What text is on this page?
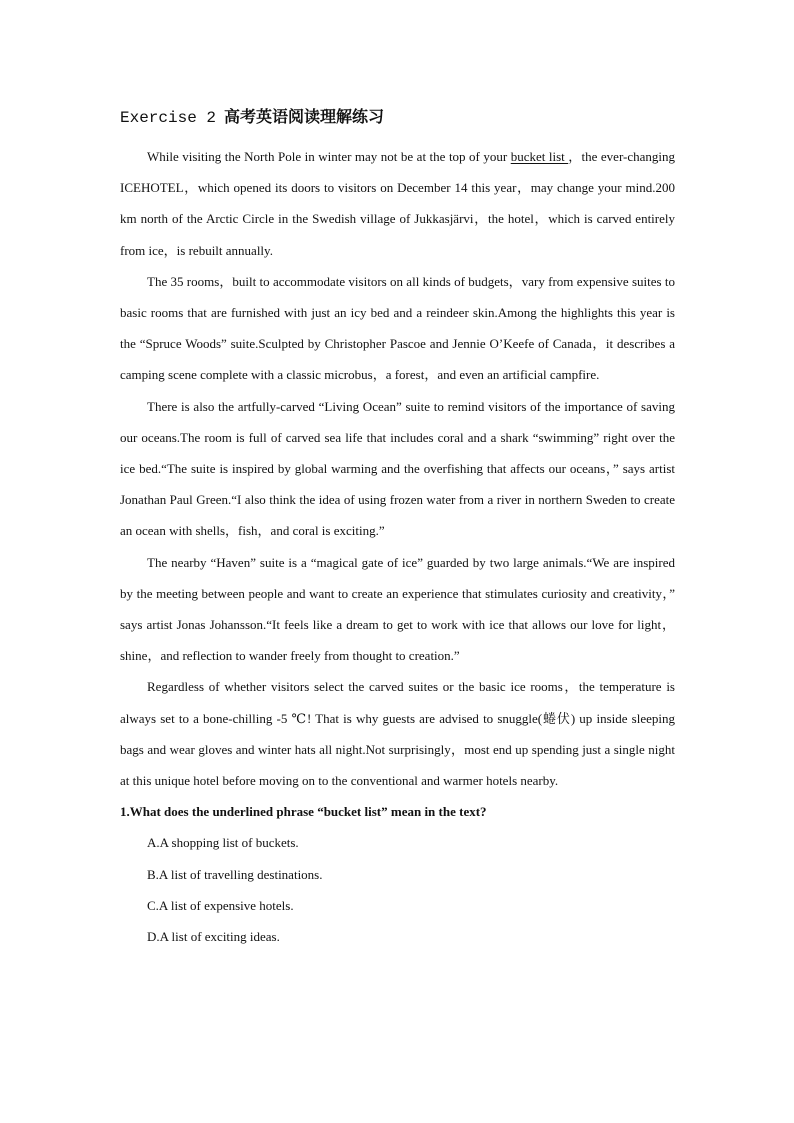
Exercise 2 高考英语阅读理解练习

While visiting the North Pole in winter may not be at the top of your bucket list ，the ever-changing ICEHOTEL，which opened its doors to visitors on December 14 this year，may change your mind.200 km north of the Arctic Circle in the Swedish village of Jukkasjärvi，the hotel，which is carved entirely from ice，is rebuilt annually.

The 35 rooms，built to accommodate visitors on all kinds of budgets，vary from expensive suites to basic rooms that are furnished with just an icy bed and a reindeer skin.Among the highlights this year is the “Spruce Woods” suite.Sculpted by Christopher Pascoe and Jennie O’Keefe of Canada，it describes a camping scene complete with a classic microbus，a forest，and even an artificial campfire.

There is also the artfully-carved “Living Ocean” suite to remind visitors of the importance of saving our oceans.The room is full of carved sea life that includes coral and a shark “swimming” right over the ice bed.“The suite is inspired by global warming and the overfishing that affects our oceans，” says artist Jonathan Paul Green.“I also think the idea of using frozen water from a river in northern Sweden to create an ocean with shells，fish，and coral is exciting.”

The nearby “Haven” suite is a “magical gate of ice” guarded by two large animals.“We are inspired by the meeting between people and want to create an experience that stimulates curiosity and creativity，” says artist Jonas Johansson.“It feels like a dream to get to work with ice that allows our love for light，shine，and reflection to wander freely from thought to creation.”

Regardless of whether visitors select the carved suites or the basic ice rooms，the temperature is always set to a bone-chilling -5 ℃! That is why guests are advised to snuggle(蜷伏) up inside sleeping bags and wear gloves and winter hats all night.Not surprisingly，most end up spending just a single night at this unique hotel before moving on to the conventional and warmer hotels nearby.

1.What does the underlined phrase “bucket list” mean in the text?

A.A shopping list of buckets.
B.A list of travelling destinations.
C.A list of expensive hotels.
D.A list of exciting ideas.
